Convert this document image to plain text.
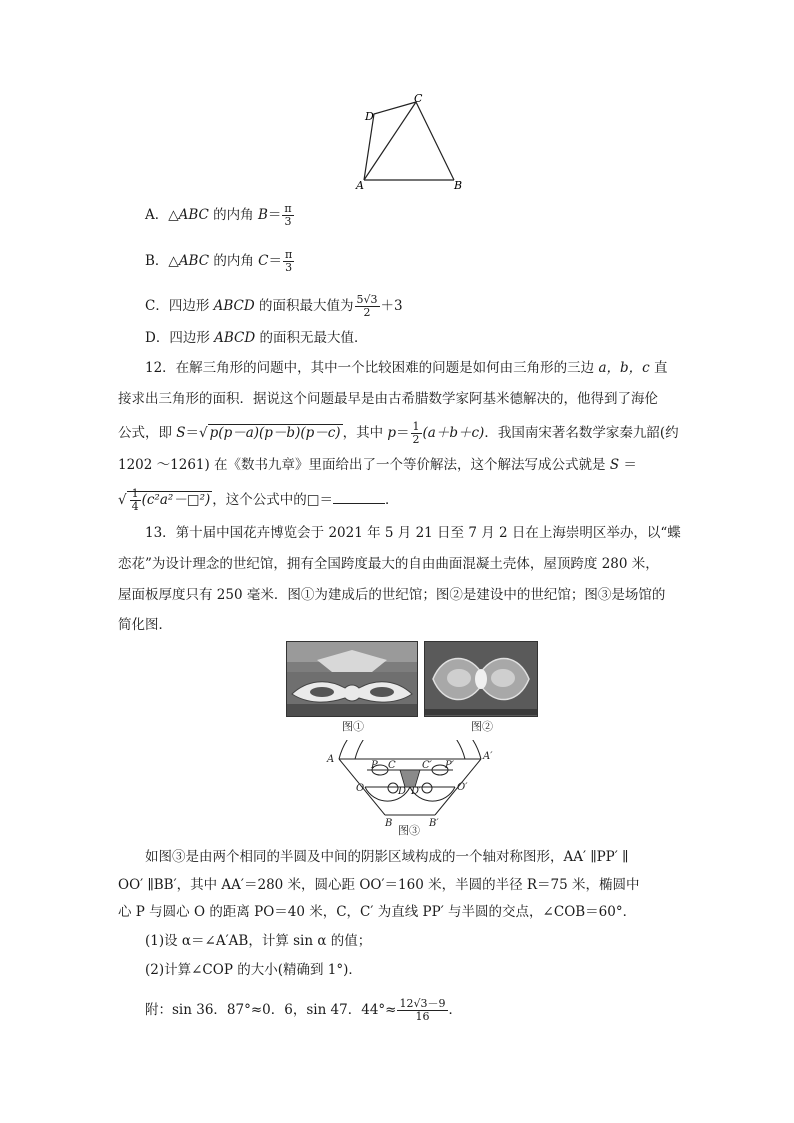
A	B
C
D
A．△ABC 的内角 $B= \frac{\pi}{3}$
B．△ABC 的内角 $C= \frac{\pi}{3}$
C．四边形 ABCD 的面积最大值为 $\frac{5√3}{2} +3$
D．四边形 ABCD 的面积无最大值．
12．在解三角形的问题中，其中一个比较困难的问题是如何由三角形的三边 a，b，c 直
接求出三角形的面积．据说这个问题最早是由古希腊数学家阿基米德解决的，他得到了海伦
公式，即 S＝√ p(p－a)(p－b)(p－c) ，其中 $p= \frac{1}{2} (a+b+c)$．我国南宋著名数学家秦九韶(约
1202 ～1261) 在《数书九章》里面给出了一个等价解法，这个解法写成公式就是 S ＝
√ $\frac{1}{4}$ (c²a²－□²) ，这个公式中的□＝	．
13．第十届中国花卉博览会于 2021 年 5 月 21 日至 7 月 2 日在上海崇明区举办，以“蝶
恋花”为设计理念的世纪馆，拥有全国跨度最大的自由曲面混凝土壳体，屋顶跨度 280 米，
屋面板厚度只有 250 毫米．图①为建成后的世纪馆；图②是建设中的世纪馆；图③是场馆的
简化图．
图①	图②
A	A′
P C	C′ P′
O	O′
D D′
B	B′
图③
如图③是由两个相同的半圆及中间的阴影区域构成的一个轴对称图形，AA′ ∥PP′ ∥
OO′ ∥BB′，其中 AA′＝280 米，圆心距 OO′＝160 米，半圆的半径 R＝75 米，椭圆中
心 P 与圆心 O 的距离 PO＝40 米，C，C′ 为直线 PP′ 与半圆的交点，∠COB＝60°．
(1)设 α＝∠A′AB，计算 sin α 的值；
(2)计算∠COP 的大小(精确到 1°)．
附：sin 36．87°≈0．6，sin 47．$44^\circ\approx \frac{12√3-9}{16}$ ．
